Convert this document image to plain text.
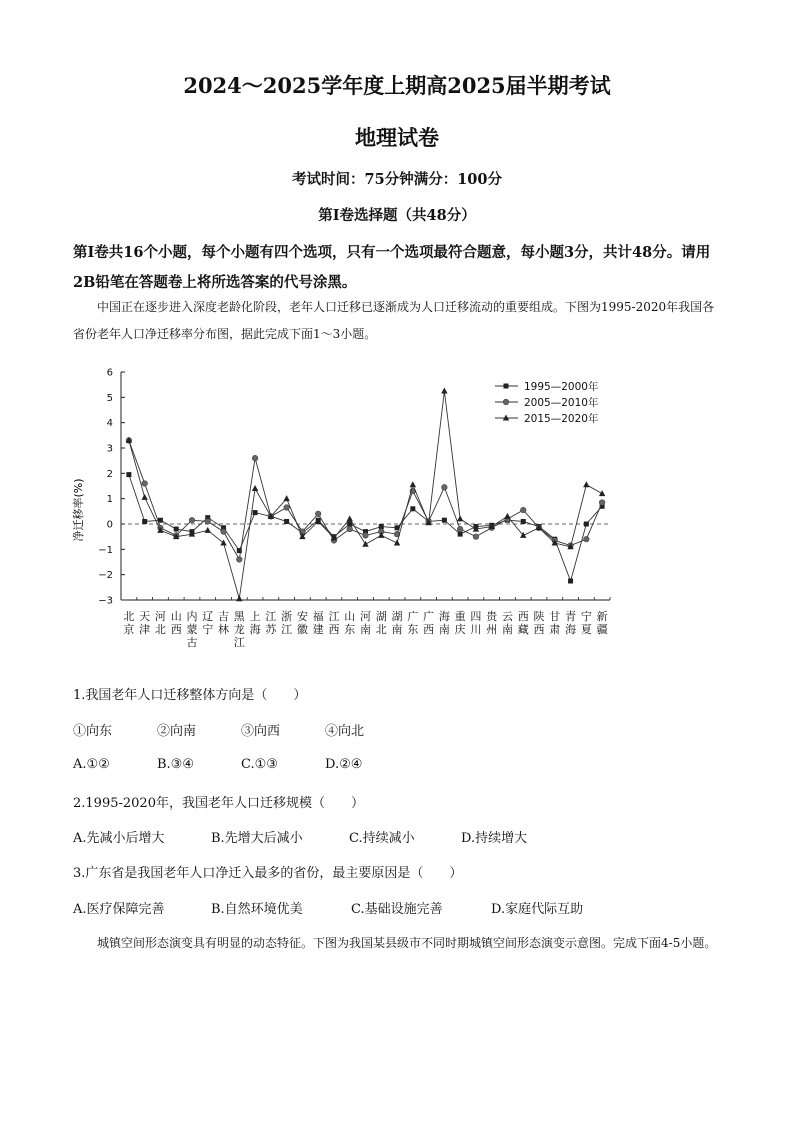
2024～2025学年度上期高2025届半期考试
地理试卷
考试时间：75分钟满分：100分
第Ⅰ卷选择题（共48分）
第Ⅰ卷共16个小题，每个小题有四个选项，只有一个选项最符合题意，每小题3分，共计48分。请用2B铅笔在答题卷上将所选答案的代号涂黑。
中国正在逐步进入深度老龄化阶段，老年人口迁移已逐渐成为人口迁移流动的重要组成。下图为1995-2020年我国各省份老年人口净迁移率分布图，据此完成下面1～3小题。
6
5
4
3
2
1
0
−1
−2
−3
1995—2000年
2005—2010年
2015—2020年
净迁移率(%)
北
京
天
津
河
北
山
西
内
蒙
古
辽
宁
吉
林
黑
龙
江
上
海
江
苏
浙
江
安
徽
福
建
江
西
山
东
河
南
湖
北
湖
南
广
东
广
西
海
南
重
庆
四
川
贵
州
云
南
西
藏
陕
西
甘
肃
青
海
宁
夏
新
疆
1.我国老年人口迁移整体方向是（　　）
①向东	②向南	③向西	④向北
A.①②	B.③④	C.①③	D.②④
2.1995-2020年，我国老年人口迁移规模（　　）
A.先减小后增大	B.先增大后减小	C.持续减小	D.持续增大
3.广东省是我国老年人口净迁入最多的省份，最主要原因是（　　）
A.医疗保障完善	B.自然环境优美	C.基础设施完善	D.家庭代际互助
城镇空间形态演变具有明显的动态特征。下图为我国某县级市不同时期城镇空间形态演变示意图。完成下面4-5小题。
